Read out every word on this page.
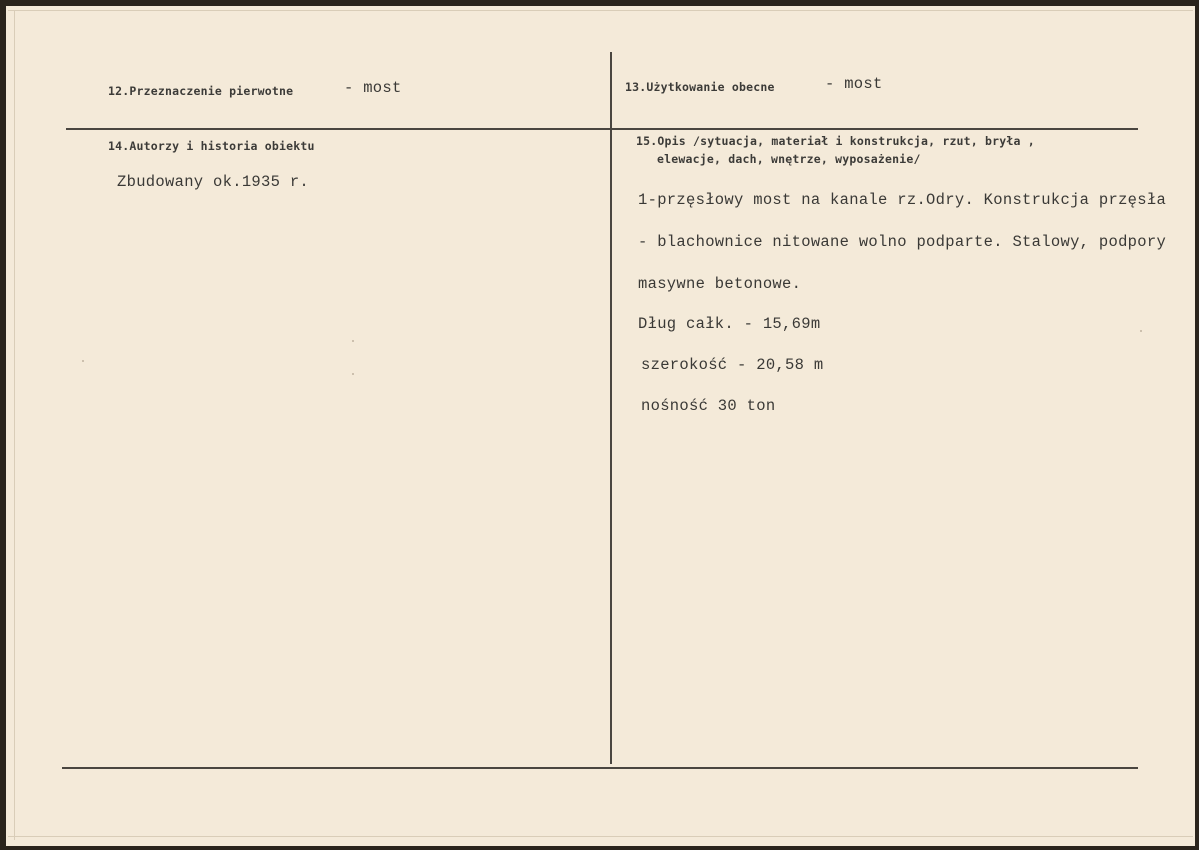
12.Przeznaczenie pierwotne	- most	13.Użytkowanie obecne	- most
14.Autorzy i historia obiektu
Zbudowany ok.1935 r.
15.Opis /sytuacja, materiał i konstrukcja, rzut, bryła ,
elewacje, dach, wnętrze, wyposażenie/
1-przęsłowy most na kanale rz.Odry. Konstrukcja przęsła
- blachownice nitowane wolno podparte. Stalowy, podpory
masywne betonowe.
Dług całk. - 15,69m
szerokość - 20,58 m
nośność 30 ton
